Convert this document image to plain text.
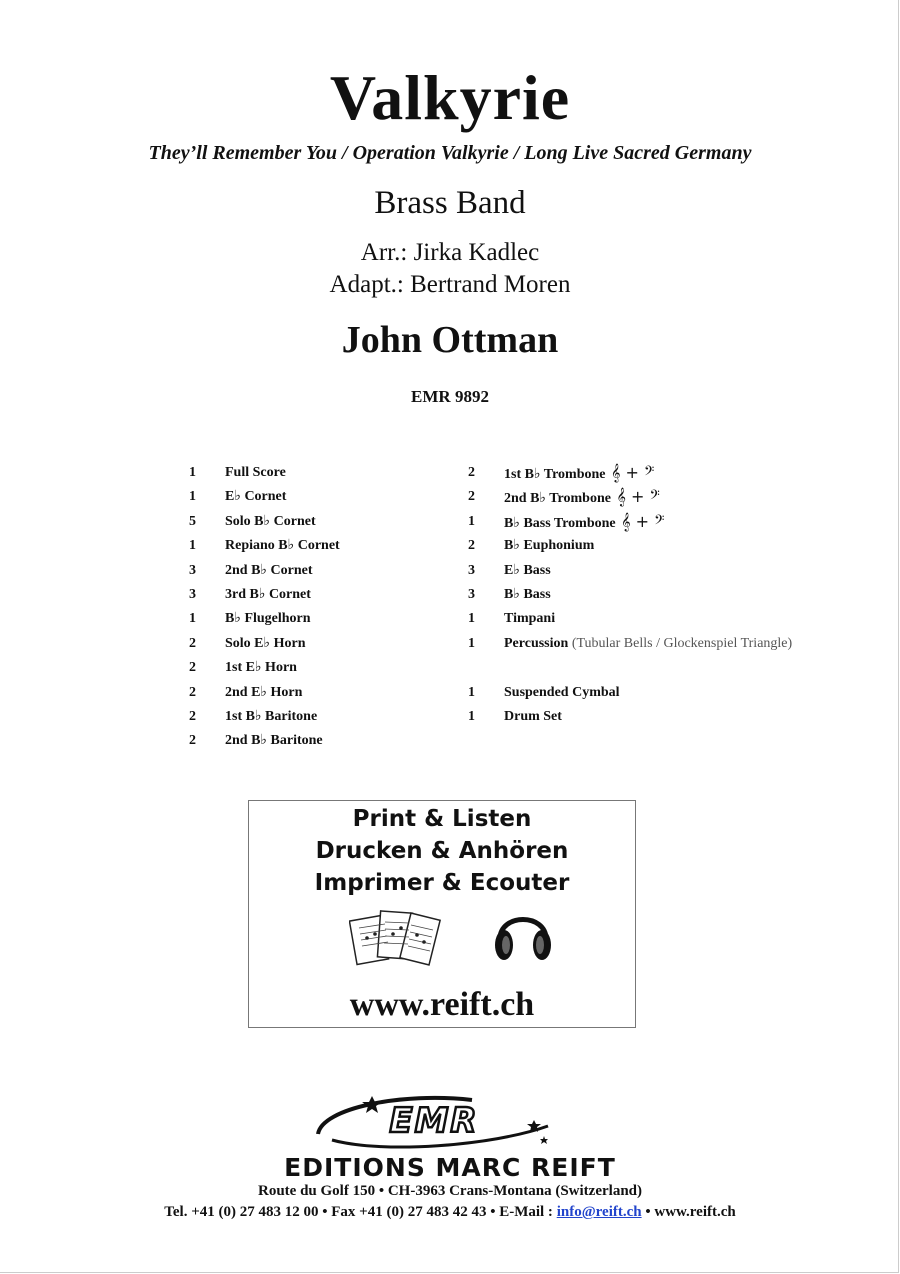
Valkyrie
They’ll Remember You / Operation Valkyrie / Long Live Sacred Germany
Brass Band
Arr.: Jirka Kadlec
Adapt.: Bertrand Moren
John Ottman
EMR 9892
1	Full Score
1	E♭ Cornet
5	Solo B♭ Cornet
1	Repiano B♭ Cornet
3	2nd B♭ Cornet
3	3rd B♭ Cornet
1	B♭ Flugelhorn
2	Solo E♭ Horn
2	1st E♭ Horn
2	2nd E♭ Horn
2	1st B♭ Baritone
2	2nd B♭ Baritone
2	1st B♭ Trombone 𝄞 + 𝄢
2	2nd B♭ Trombone 𝄞 + 𝄢
1	B♭ Bass Trombone 𝄞 + 𝄢
2	B♭ Euphonium
3	E♭ Bass
3	B♭ Bass
1	Timpani
1	Percussion (Tubular Bells / Glockenspiel Triangle)
1	Suspended Cymbal
1	Drum Set
Print & Listen
Drucken & Anhören
Imprimer & Ecouter
www.reift.ch
EMR
EDITIONS MARC REIFT
Route du Golf 150 • CH-3963 Crans-Montana (Switzerland)
Tel. +41 (0) 27 483 12 00 • Fax +41 (0) 27 483 42 43 • E-Mail : info@reift.ch • www.reift.ch
